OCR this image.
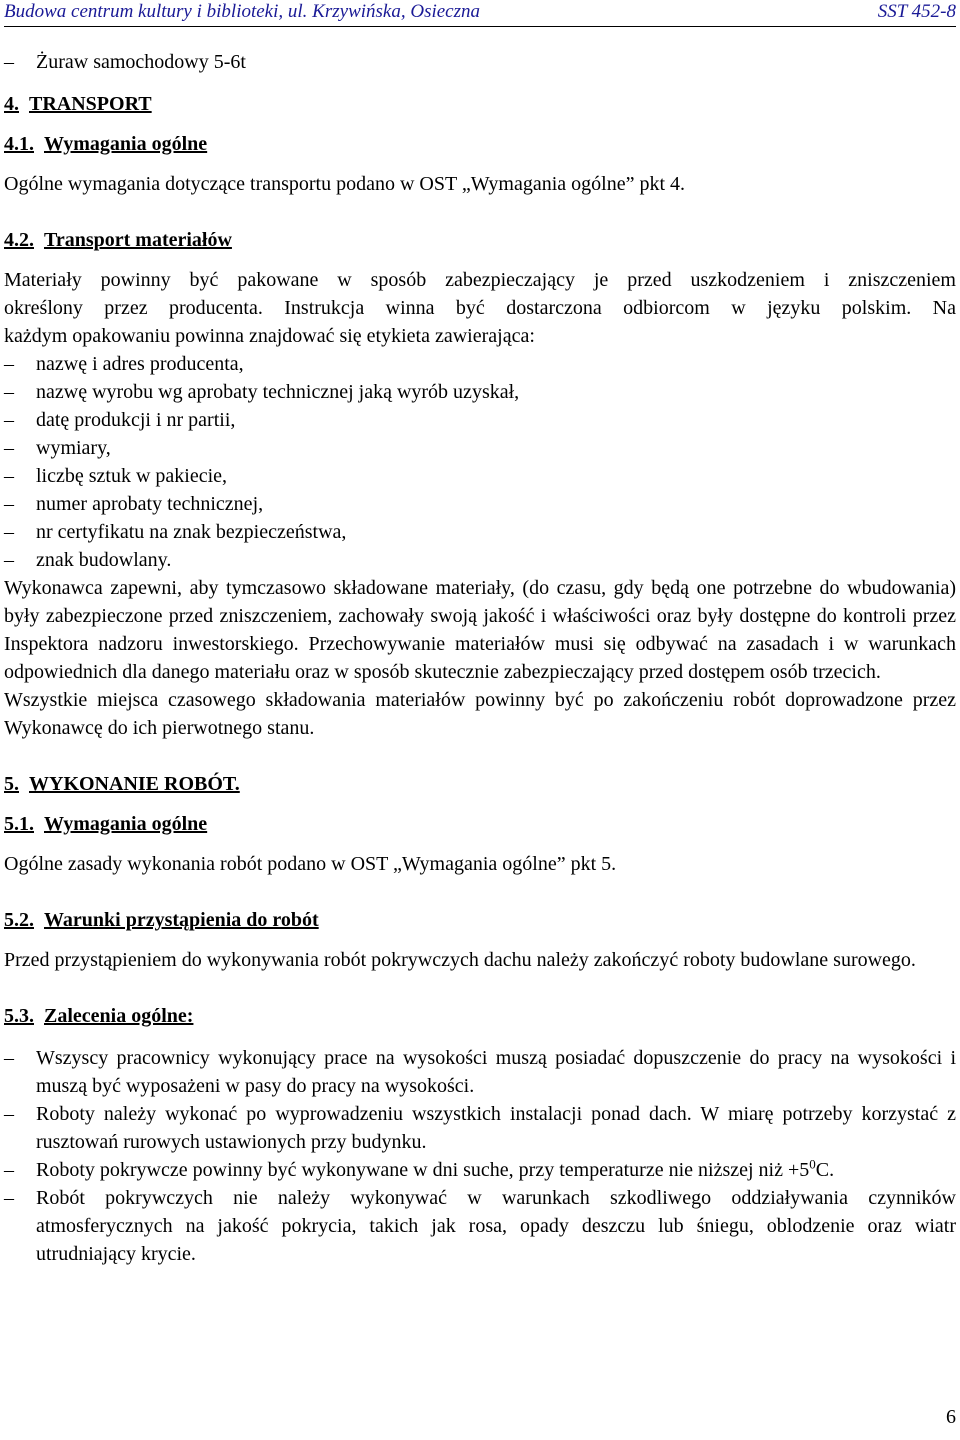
Budowa centrum kultury i biblioteki, ul. Krzywińska, Osieczna	SST 452-8
–	Żuraw samochodowy 5-6t
4. TRANSPORT
4.1. Wymagania ogólne

Ogólne wymagania dotyczące transportu podano w OST „Wymagania ogólne” pkt 4.

4.2. Transport materiałów
Materiały powinny być pakowane w sposób zabezpieczający je przed uszkodzeniem i zniszczeniem
określony przez producenta. Instrukcja winna być dostarczona odbiorcom w języku polskim. Na
każdym opakowaniu powinna znajdować się etykieta zawierająca:
–	nazwę i adres producenta,
–	nazwę wyrobu wg aprobaty technicznej jaką wyrób uzyskał,
–	datę produkcji i nr partii,
–	wymiary,
–	liczbę sztuk w pakiecie,
–	numer aprobaty technicznej,
–	nr certyfikatu na znak bezpieczeństwa,
–	znak budowlany.

Wykonawca zapewni, aby tymczasowo składowane materiały, (do czasu, gdy będą one potrzebne do wbudowania) były zabezpieczone przed zniszczeniem, zachowały swoją jakość i właściwości oraz były dostępne do kontroli przez Inspektora nadzoru inwestorskiego. Przechowywanie materiałów musi się odbywać na zasadach i w warunkach odpowiednich dla danego materiału oraz w sposób skutecznie zabezpieczający przed dostępem osób trzecich.

Wszystkie miejsca czasowego składowania materiałów powinny być po zakończeniu robót doprowadzone przez Wykonawcę do ich pierwotnego stanu.

5. WYKONANIE ROBÓT.
5.1. Wymagania ogólne

Ogólne zasady wykonania robót podano w OST „Wymagania ogólne” pkt 5.

5.2. Warunki przystąpienia do robót

Przed przystąpieniem do wykonywania robót pokrywczych dachu należy zakończyć roboty budowlane surowego.

5.3. Zalecenia ogólne:
–	Wszyscy pracownicy wykonujący prace na wysokości muszą posiadać dopuszczenie do pracy na wysokości i muszą być wyposażeni w pasy do pracy na wysokości.
–	Roboty należy wykonać po wyprowadzeniu wszystkich instalacji ponad dach. W miarę potrzeby korzystać z rusztowań rurowych ustawionych przy budynku.
–	Roboty pokrywcze powinny być wykonywane w dni suche, przy temperaturze nie niższej niż $+5^0C$.
–	Robót pokrywczych nie należy wykonywać w warunkach szkodliwego oddziaływania czynników atmosferycznych na jakość pokrycia, takich jak rosa, opady deszczu lub śniegu, oblodzenie oraz wiatr utrudniający krycie.
6
